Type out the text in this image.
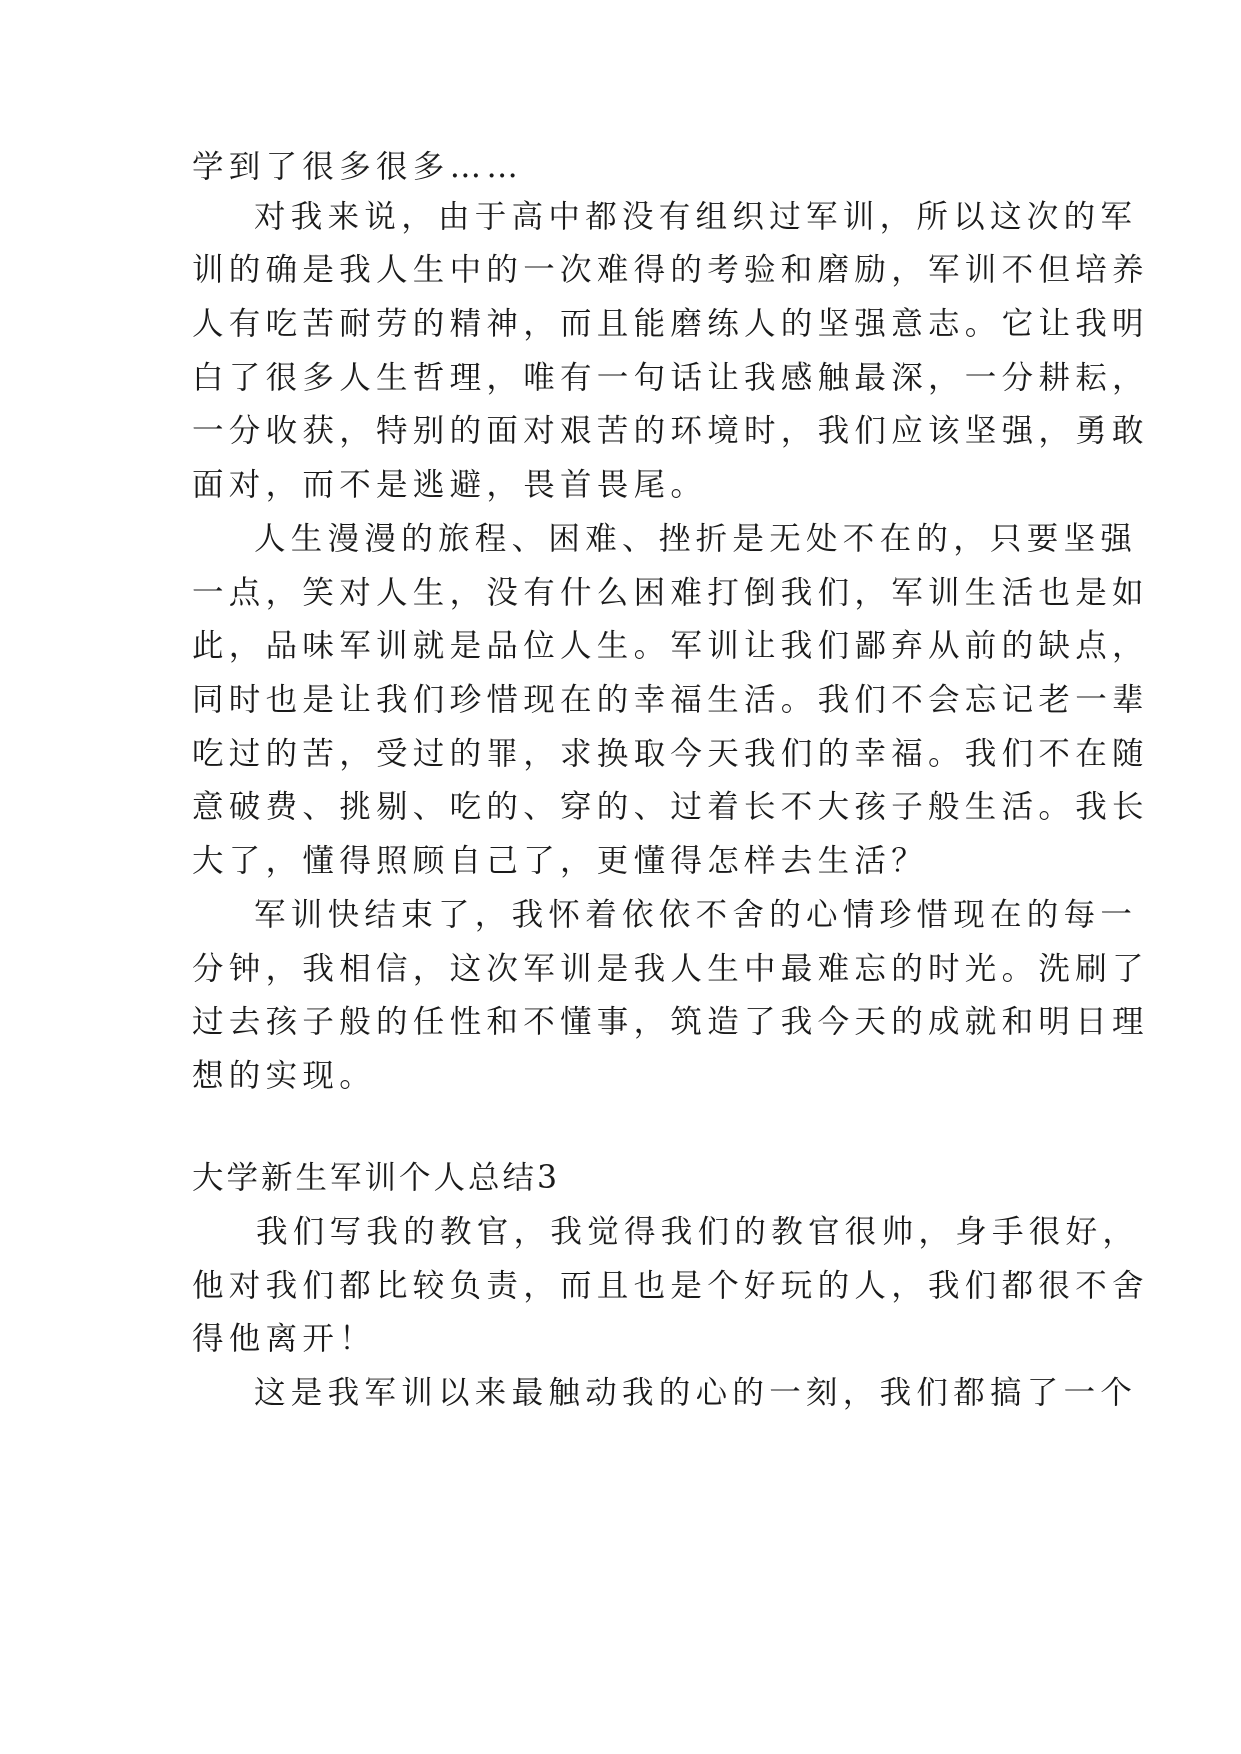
学到了很多很多……
对我来说，由于高中都没有组织过军训，所以这次的军
训的确是我人生中的一次难得的考验和磨励，军训不但培养
人有吃苦耐劳的精神，而且能磨练人的坚强意志。它让我明
白了很多人生哲理，唯有一句话让我感触最深，一分耕耘，
一分收获，特别的面对艰苦的环境时，我们应该坚强，勇敢
面对，而不是逃避，畏首畏尾。
人生漫漫的旅程、困难、挫折是无处不在的，只要坚强
一点，笑对人生，没有什么困难打倒我们，军训生活也是如
此，品味军训就是品位人生。军训让我们鄙弃从前的缺点，
同时也是让我们珍惜现在的幸福生活。我们不会忘记老一辈
吃过的苦，受过的罪，求换取今天我们的幸福。我们不在随
意破费、挑剔、吃的、穿的、过着长不大孩子般生活。我长
大了，懂得照顾自己了，更懂得怎样去生活？
军训快结束了，我怀着依依不舍的心情珍惜现在的每一
分钟，我相信，这次军训是我人生中最难忘的时光。洗刷了
过去孩子般的任性和不懂事，筑造了我今天的成就和明日理
想的实现。
大学新生军训个人总结3
我们写我的教官，我觉得我们的教官很帅，身手很好，
他对我们都比较负责，而且也是个好玩的人，我们都很不舍
得他离开！
这是我军训以来最触动我的心的一刻，我们都搞了一个
